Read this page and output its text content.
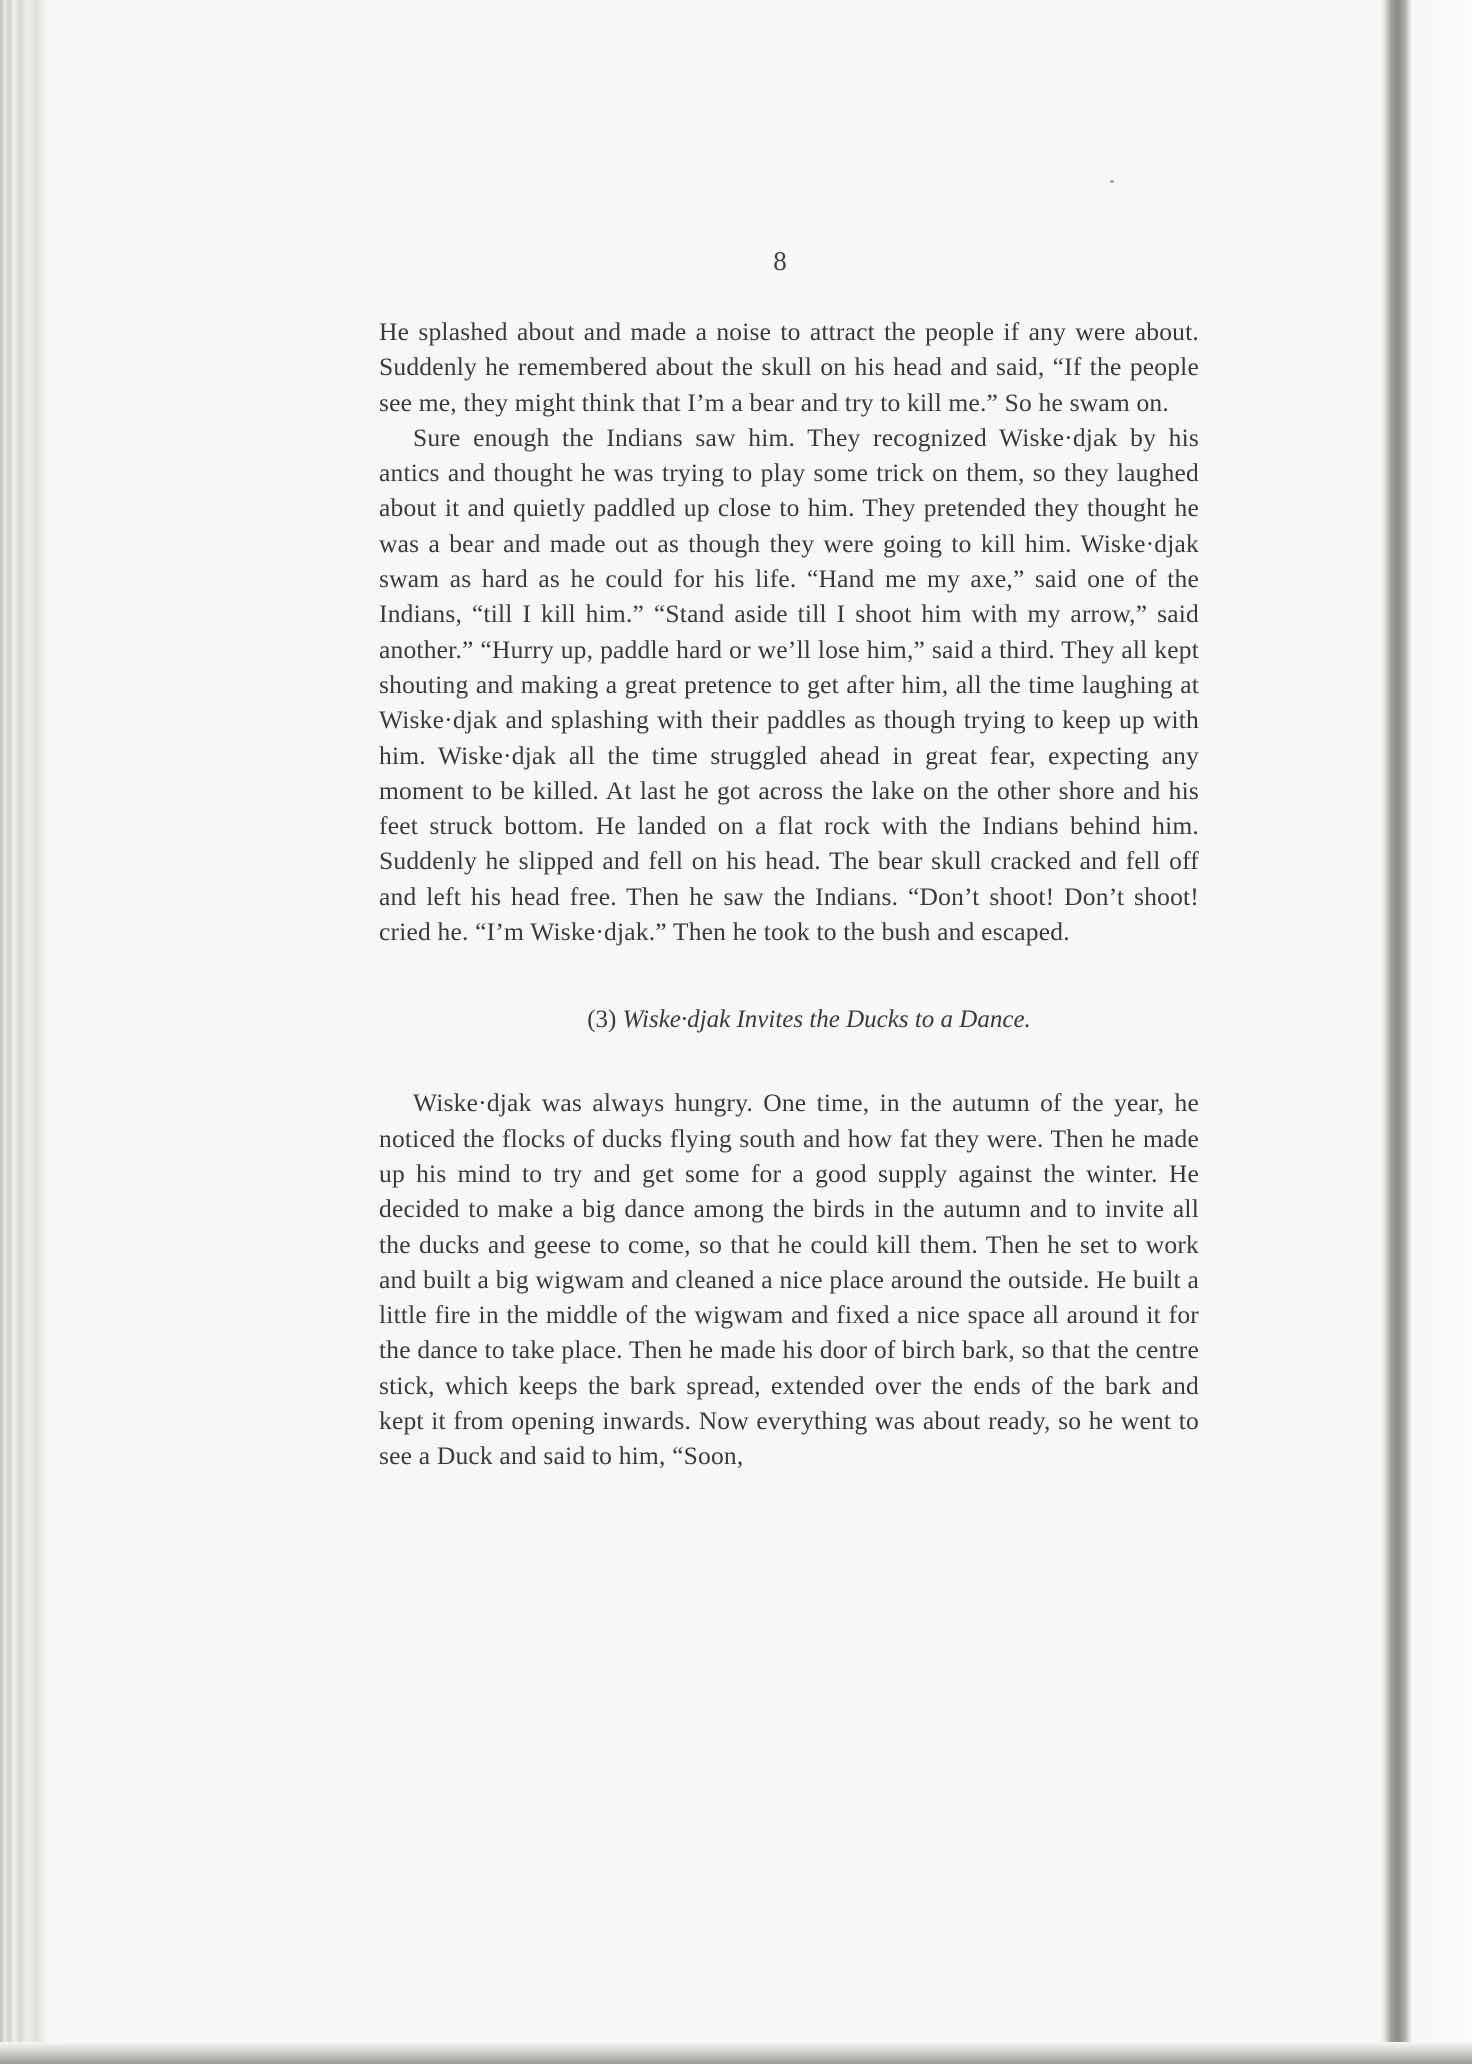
8

He splashed about and made a noise to attract the people if any were about. Suddenly he remembered about the skull on his head and said, “If the people see me, they might think that I’m a bear and try to kill me.” So he swam on.

Sure enough the Indians saw him. They recognized Wiske·djak by his antics and thought he was trying to play some trick on them, so they laughed about it and quietly paddled up close to him. They pretended they thought he was a bear and made out as though they were going to kill him. Wiske·djak swam as hard as he could for his life. “Hand me my axe,” said one of the Indians, “till I kill him.” “Stand aside till I shoot him with my arrow,” said another.” “Hurry up, paddle hard or we’ll lose him,” said a third. They all kept shouting and making a great pretence to get after him, all the time laughing at Wiske·djak and splashing with their paddles as though trying to keep up with him. Wiske·djak all the time struggled ahead in great fear, expecting any moment to be killed. At last he got across the lake on the other shore and his feet struck bottom. He landed on a flat rock with the Indians behind him. Suddenly he slipped and fell on his head. The bear skull cracked and fell off and left his head free. Then he saw the Indians. “Don’t shoot! Don’t shoot! cried he. “I’m Wiske·djak.” Then he took to the bush and escaped.

(3) Wiske·djak Invites the Ducks to a Dance.

Wiske·djak was always hungry. One time, in the autumn of the year, he noticed the flocks of ducks flying south and how fat they were. Then he made up his mind to try and get some for a good supply against the winter. He decided to make a big dance among the birds in the autumn and to invite all the ducks and geese to come, so that he could kill them. Then he set to work and built a big wigwam and cleaned a nice place around the outside. He built a little fire in the middle of the wigwam and fixed a nice space all around it for the dance to take place. Then he made his door of birch bark, so that the centre stick, which keeps the bark spread, extended over the ends of the bark and kept it from opening inwards. Now everything was about ready, so he went to see a Duck and said to him, “Soon,
